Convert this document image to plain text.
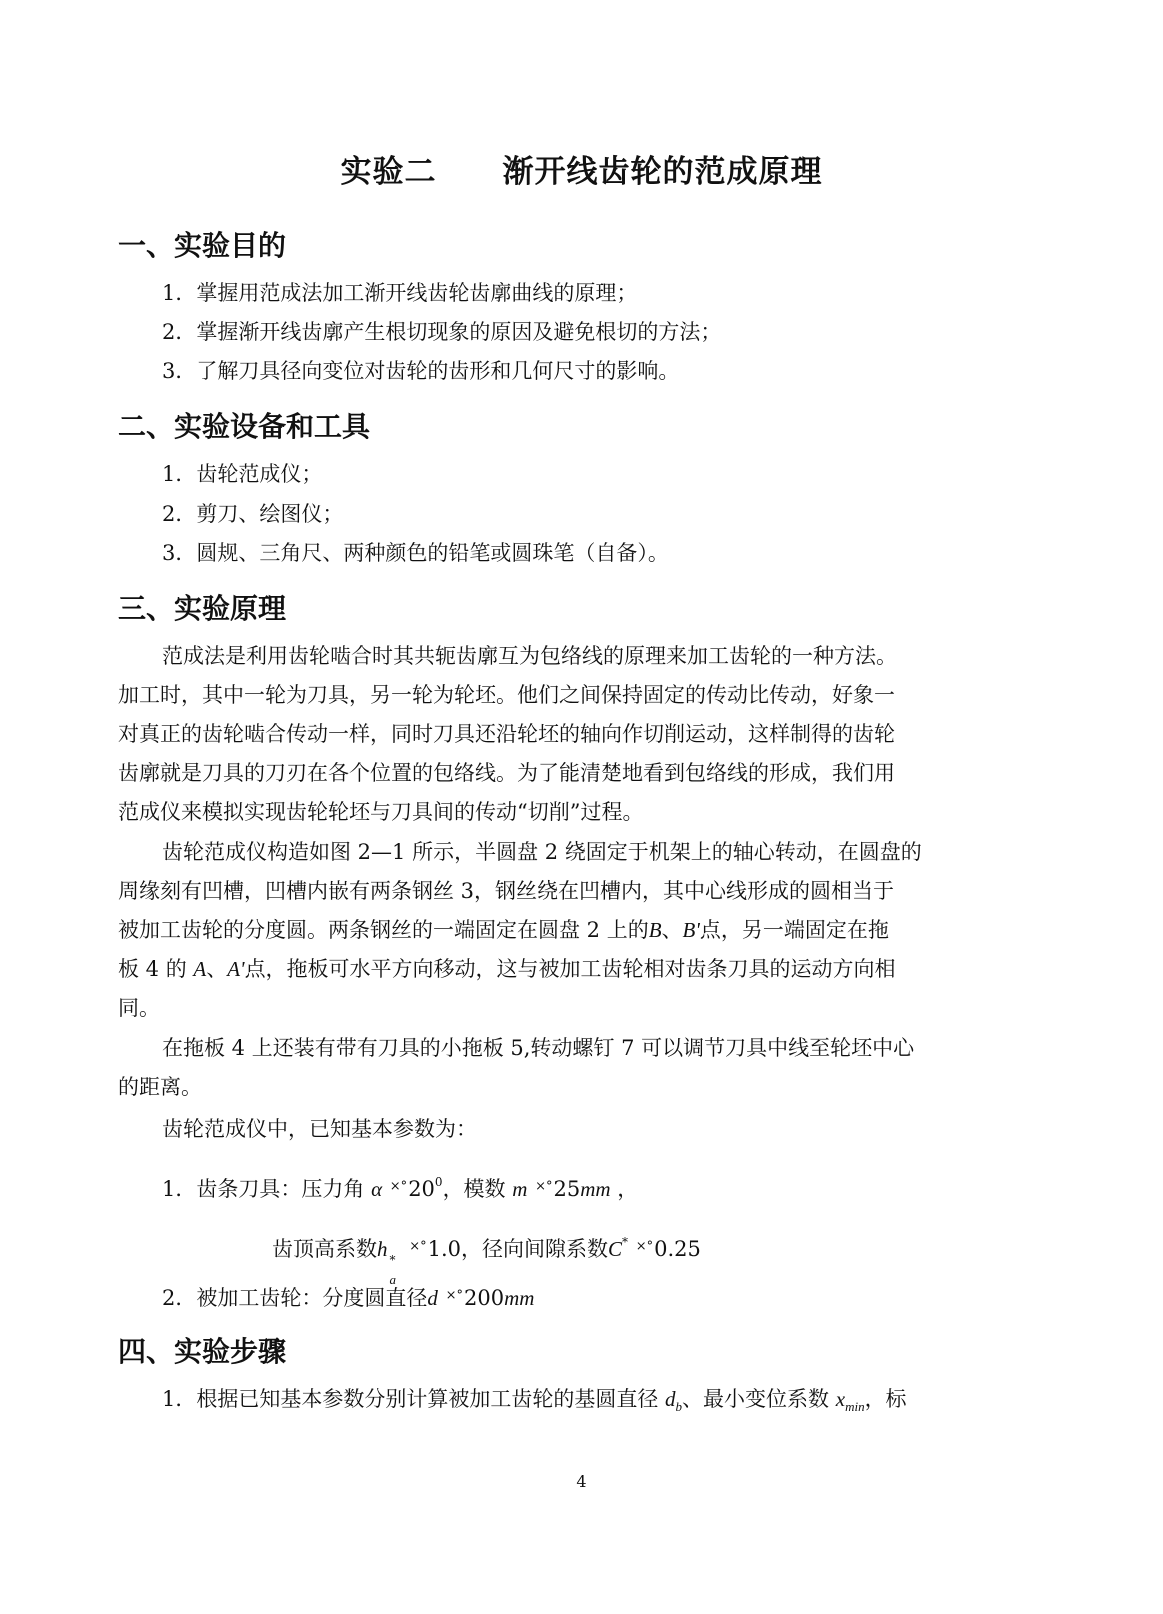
实验二 渐开线齿轮的范成原理
一、实验目的

1．掌握用范成法加工渐开线齿轮齿廓曲线的原理；

2．掌握渐开线齿廓产生根切现象的原因及避免根切的方法；

3．了解刀具径向变位对齿轮的齿形和几何尺寸的影响。

二、实验设备和工具

1．齿轮范成仪；

2．剪刀、绘图仪；

3．圆规、三角尺、两种颜色的铅笔或圆珠笔（自备）。

三、实验原理

范成法是利用齿轮啮合时其共轭齿廓互为包络线的原理来加工齿轮的一种方法。

加工时，其中一轮为刀具，另一轮为轮坯。他们之间保持固定的传动比传动，好象一

对真正的齿轮啮合传动一样，同时刀具还沿轮坯的轴向作切削运动，这样制得的齿轮

齿廓就是刀具的刀刃在各个位置的包络线。为了能清楚地看到包络线的形成，我们用

范成仪来模拟实现齿轮轮坯与刀具间的传动“切削”过程。

齿轮范成仪构造如图 2—1 所示，半圆盘 2 绕固定于机架上的轴心转动，在圆盘的

周缘刻有凹槽，凹槽内嵌有两条钢丝 3，钢丝绕在凹槽内，其中心线形成的圆相当于

被加工齿轮的分度圆。两条钢丝的一端固定在圆盘 2 上的B、B'点，另一端固定在拖

板 4 的 A、A'点，拖板可水平方向移动，这与被加工齿轮相对齿条刀具的运动方向相

同。

在拖板 4 上还装有带有刀具的小拖板 5,转动螺钉 7 可以调节刀具中线至轮坯中心

的距离。

齿轮范成仪中，已知基本参数为：

1．齿条刀具：压力角 α $^{\times^\circ}20^0$，模数 m ×°25mm ，

齿顶高系数h *
a
×°1.0，径向间隙系数C* ×°0.25

2．被加工齿轮：分度圆直径d ×°200mm

四、实验步骤

1．根据已知基本参数分别计算被加工齿轮的基圆直径 $d_b$、最小变位系数 $x_{min}$，标

4
